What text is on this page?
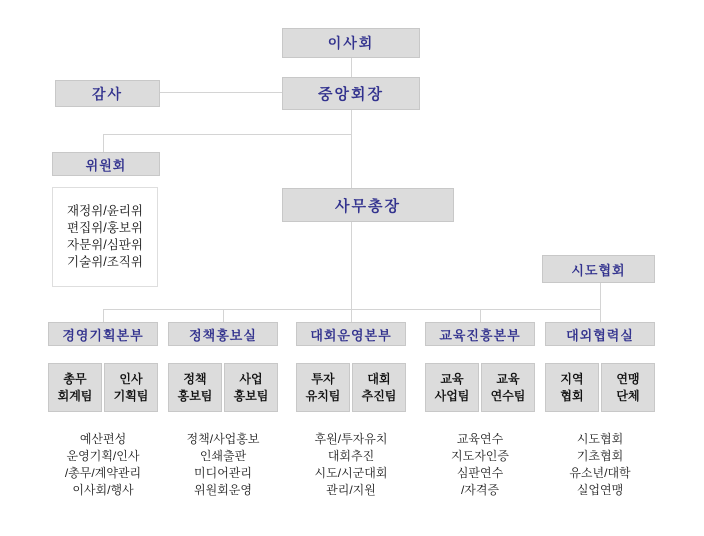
이사회
감사	중앙회장
위원회
재정위/윤리위
편집위/홍보위
자문위/심판위
기술위/조직위
사무총장
시도협회
경영기획본부
총무
회계팀
인사
기획팀
예산편성
운영기획/인사
/총무/계약관리
이사회/행사
정책홍보실
정책
홍보팀
사업
홍보팀
정책/사업홍보
인쇄출판
미디어관리
위원회운영
대회운영본부
투자
유치팀
대회
추진팀
후원/투자유치
대회추진
시도/시군대회
관리/지원
교육진흥본부
교육
사업팀
교육
연수팀
교육연수
지도자인증
심판연수
/자격증
대외협력실
지역
협회
연맹
단체
시도협회
기초협회
유소년/대학
실업연맹
